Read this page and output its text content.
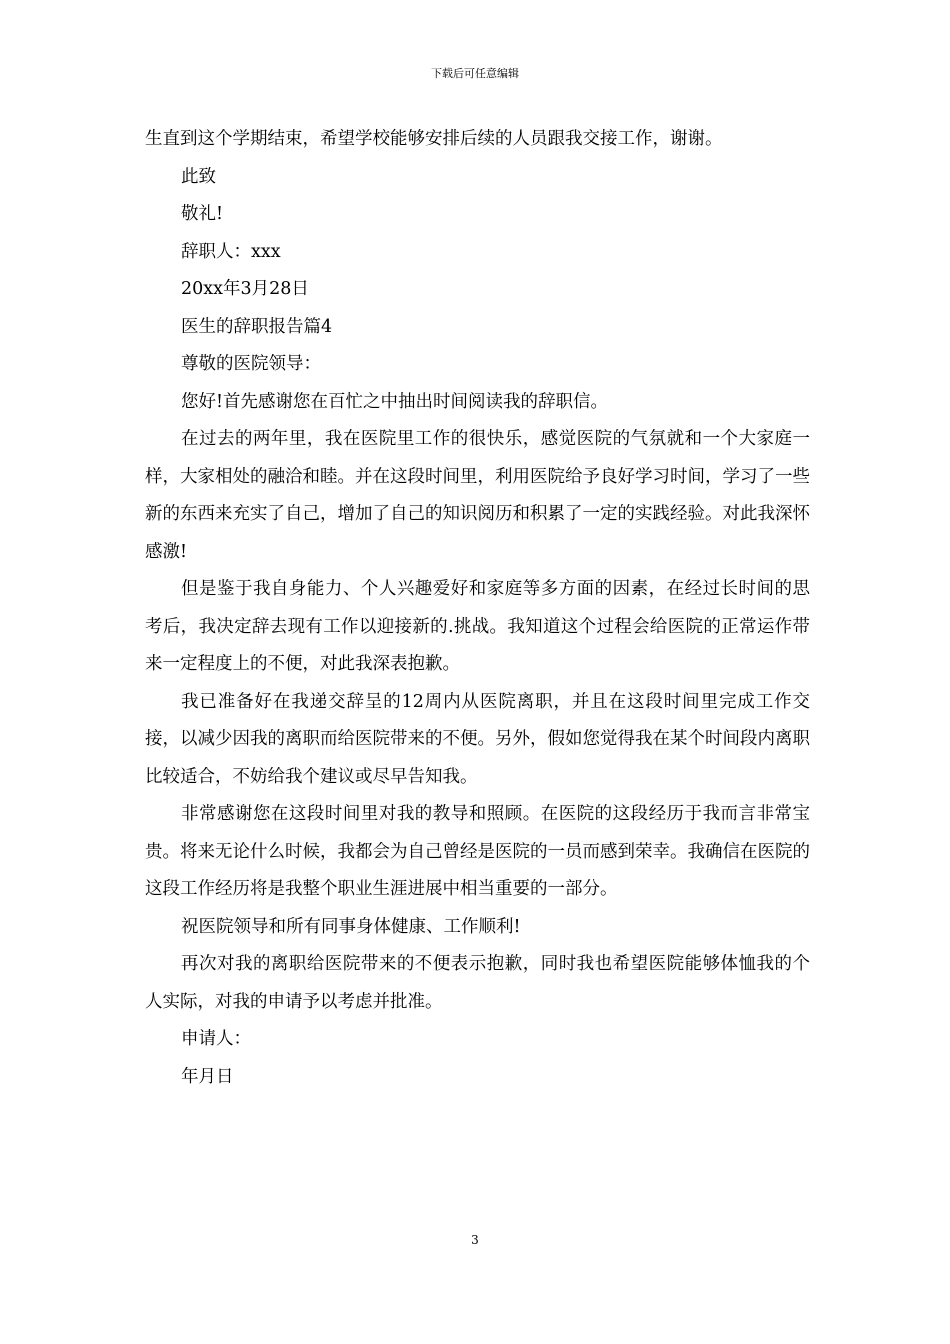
下载后可任意编辑

生直到这个学期结束，希望学校能够安排后续的人员跟我交接工作，谢谢。

此致

敬礼!

辞职人：xxx

20xx年3月28日

医生的辞职报告篇4

尊敬的医院领导：

您好!首先感谢您在百忙之中抽出时间阅读我的辞职信。

在过去的两年里，我在医院里工作的很快乐，感觉医院的气氛就和一个大家庭一样，大家相处的融洽和睦。并在这段时间里，利用医院给予良好学习时间，学习了一些新的东西来充实了自己，增加了自己的知识阅历和积累了一定的实践经验。对此我深怀感激!

但是鉴于我自身能力、个人兴趣爱好和家庭等多方面的因素，在经过长时间的思考后，我决定辞去现有工作以迎接新的.挑战。我知道这个过程会给医院的正常运作带来一定程度上的不便，对此我深表抱歉。

我已准备好在我递交辞呈的12周内从医院离职，并且在这段时间里完成工作交接，以减少因我的离职而给医院带来的不便。另外，假如您觉得我在某个时间段内离职比较适合，不妨给我个建议或尽早告知我。

非常感谢您在这段时间里对我的教导和照顾。在医院的这段经历于我而言非常宝贵。将来无论什么时候，我都会为自己曾经是医院的一员而感到荣幸。我确信在医院的这段工作经历将是我整个职业生涯进展中相当重要的一部分。

祝医院领导和所有同事身体健康、工作顺利!

再次对我的离职给医院带来的不便表示抱歉，同时我也希望医院能够体恤我的个人实际，对我的申请予以考虑并批准。

申请人：

年月日

3
